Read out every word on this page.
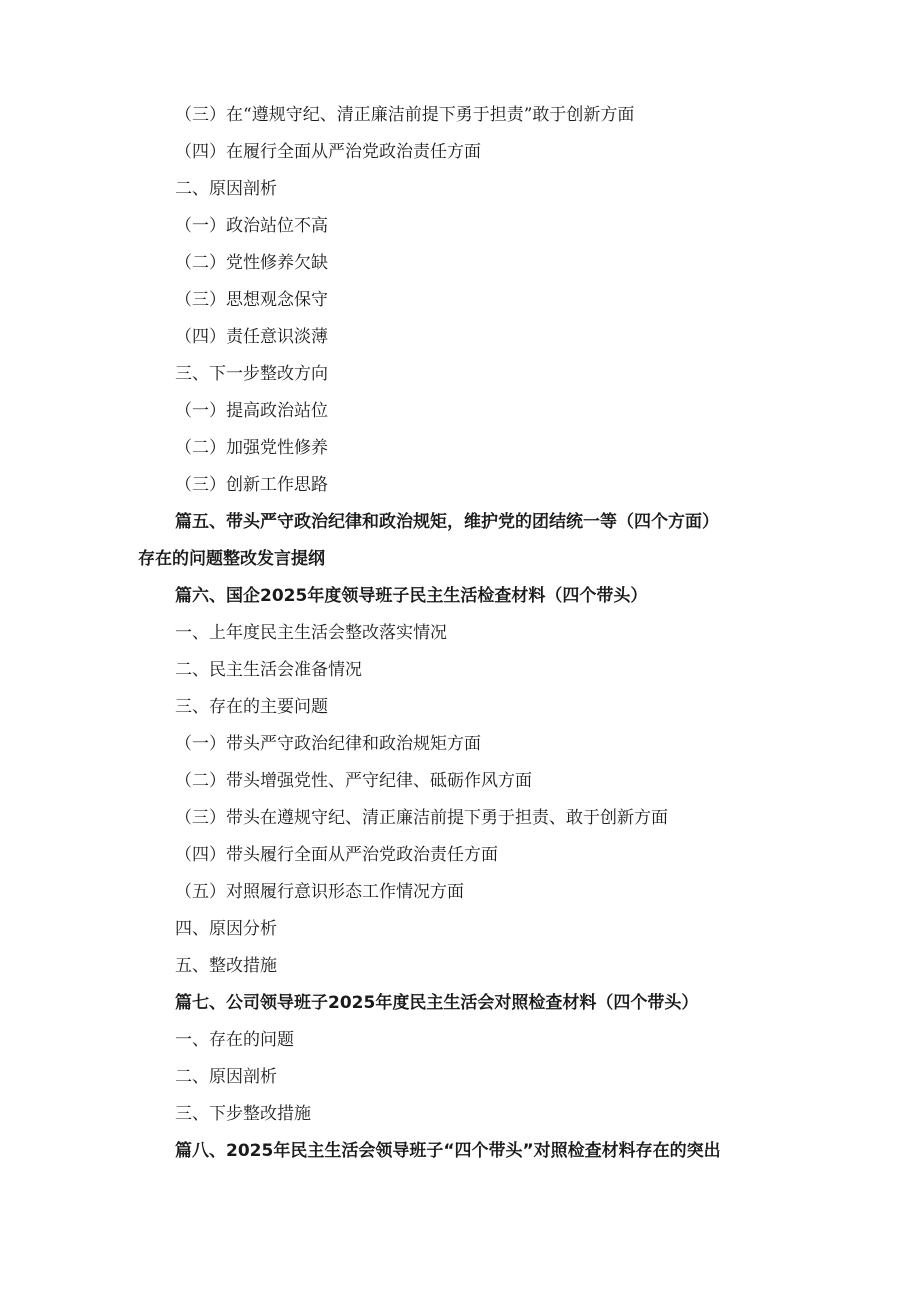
（三）在“遵规守纪、清正廉洁前提下勇于担责”敢于创新方面
（四）在履行全面从严治党政治责任方面
二、原因剖析
（一）政治站位不高
（二）党性修养欠缺
（三）思想观念保守
（四）责任意识淡薄
三、下一步整改方向
（一）提高政治站位
（二）加强党性修养
（三）创新工作思路
篇五、带头严守政治纪律和政治规矩，维护党的团结统一等（四个方面）
存在的问题整改发言提纲
篇六、国企2025年度领导班子民主生活检查材料（四个带头）
一、上年度民主生活会整改落实情况
二、民主生活会准备情况
三、存在的主要问题
（一）带头严守政治纪律和政治规矩方面
（二）带头增强党性、严守纪律、砥砺作风方面
（三）带头在遵规守纪、清正廉洁前提下勇于担责、敢于创新方面
（四）带头履行全面从严治党政治责任方面
（五）对照履行意识形态工作情况方面
四、原因分析
五、整改措施
篇七、公司领导班子2025年度民主生活会对照检查材料（四个带头）
一、存在的问题
二、原因剖析
三、下步整改措施
篇八、2025年民主生活会领导班子“四个带头”对照检查材料存在的突出
